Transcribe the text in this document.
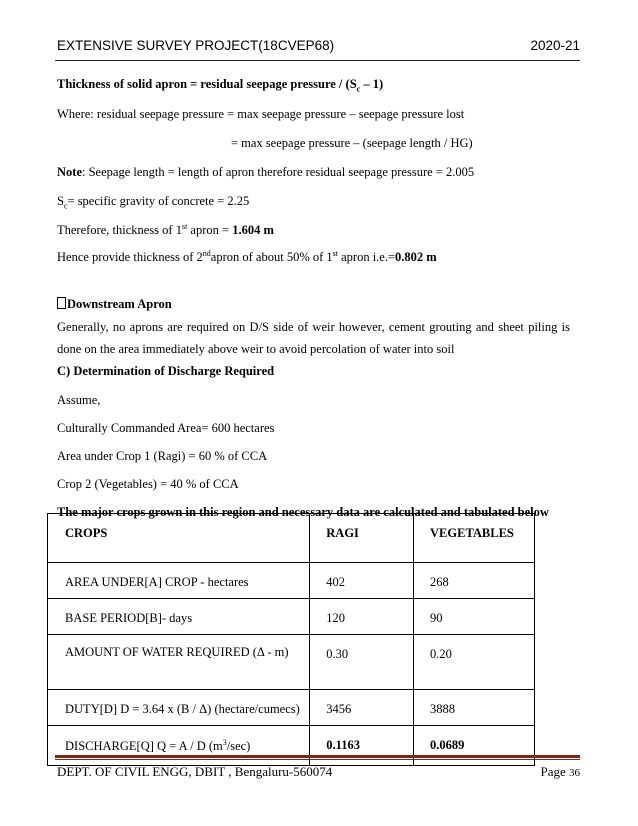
EXTENSIVE SURVEY PROJECT(18CVEP68)	2020-21
Thickness of solid apron = residual seepage pressure / $(S_c - 1)$
Where: residual seepage pressure = max seepage pressure – seepage pressure lost
= max seepage pressure – (seepage length / HG)
Note: Seepage length = length of apron therefore residual seepage pressure = 2.005
$S_c=$ specific gravity of concrete = 2.25
Therefore, thickness of 1st apron = 1.604 m
Hence provide thickness of 2ndapron of about 50% of 1st apron i.e.=0.802 m
Downstream Apron
Generally, no aprons are required on D/S side of weir however, cement grouting and sheet piling is done on the area immediately above weir to avoid percolation of water into soil
C) Determination of Discharge Required
Assume,
Culturally Commanded Area= 600 hectares
Area under Crop 1 (Ragi) = 60 % of CCA
Crop 2 (Vegetables) = 40 % of CCA
The major crops grown in this region and necessary data are calculated and tabulated below
CROPS	RAGI	VEGETABLES
AREA UNDER[A] CROP - hectares	402	268
BASE PERIOD[B]- days	120	90
AMOUNT OF WATER REQUIRED (Δ - m)	0.30	0.20
DUTY[D] D = 3.64 x (B / Δ) (hectare/cumecs)	3456	3888
DISCHARGE[Q] Q = A / D $(m^3/\sec)$	0.1163	0.0689
DEPT. OF CIVIL ENGG, DBIT , Bengaluru-560074	Page 36
